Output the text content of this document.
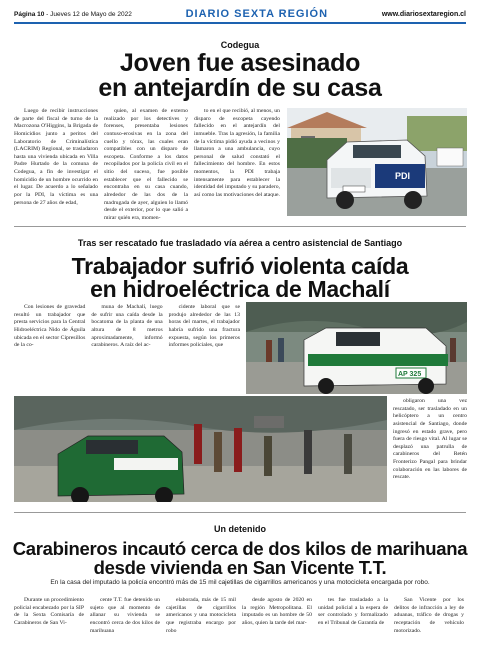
Página 10 - Jueves 12 de Mayo de 2022	DIARIO SEXTA REGIÓN	www.diariosextaregion.cl
Codegua
Joven fue asesinado
en antejardín de su casa

Luego de recibir instrucciones de parte del fiscal de turno de la Macrozona O'Higgins, la Brigada de Homicidios junto a peritos del Laboratorio de Criminalística (LACRIM) Regional, se trasladaron hasta una vivienda ubicada en Villa Padre Hurtado de la comuna de Codegua, a fin de investigar el homicidio de un hombre ocurrido en el lugar. De acuerdo a lo señalado por la PDI, la víctima es una persona de 27 años de edad,

quien, al examen de externo realizado por los detectives y forenses, presentaba lesiones contuso-erosivas en la zona del cuello y tórax, las cuales eran compatibles con un disparo de escopeta. Conforme a los datos recopilados por la policía civil en el sitio del suceso, fue posible establecer que el fallecido se encontraba en su casa cuando, alrededor de las dos de la madrugada de ayer, alguien lo llamó desde el exterior, por lo que salió a mirar quién era, momen-

to en el que recibió, al menos, un disparo de escopeta cayendo fallecido en el antejardín del inmueble. Tras la agresión, la familia de la víctima pidió ayuda a vecinos y llamaron a una ambulancia, cuyo personal de salud constató el fallecimiento del hombre. En estos momentos, la PDI trabaja intensamente para establecer la identidad del imputado y su paradero, así como las motivaciones del ataque.

PDI
Tras ser rescatado fue trasladado vía aérea a centro asistencial de Santiago
Trabajador sufrió violenta caída
en hidroeléctrica de Machalí

Con lesiones de gravedad resultó un trabajador que presta servicios para la Central Hidroeléctrica Nido de Águila ubicada en el sector Cipresillos de la co-

muna de Machalí, luego de sufrir una caída desde la bocatoma de la planta de una altura de 8 metros aproximadamente, informó carabineros. A raíz del ac-

cidente laboral que se produjo alrededor de las 13 horas del martes, el trabajador habría sufrido una fractura expuesta, según los primeros informes policiales, que

AP 325

obligaron una vez rescatado, ser trasladado en un helicóptero a un centro asistencial de Santiago, donde ingresó en estado grave, pero fuera de riesgo vital. Al lugar se desplazó una patrulla de carabineros del Retén Fronterizo Pangal para brindar colaboración en las labores de rescate.

Un detenido
Carabineros incautó cerca de dos kilos de marihuana
desde vivienda en San Vicente T.T.
En la casa del imputado la policía encontró más de 15 mil cajetillas de cigarrillos americanos y una motocicleta encargada por robo.

Durante un procedimiento policial encabezado por la SIP de la Sexta Comisaría de Carabineros de San Vi-

cente T.T. fue detenido un sujeto que al momento de allanar su vivienda se encontró cerca de dos kilos de marihuana

elaborada, más de 15 mil cajetillas de cigarrillos americanos y una motocicleta que registraba encargo por robo

desde agosto de 2020 en la región Metropolitana. El imputado es un hombre de 50 años, quien la tarde del mar-

tes fue trasladado a la unidad policial a la espera de ser controlado y formalizado en el Tribunal de Garantía de

San Vicente por los delitos de infracción a ley de aduanas, tráfico de drogas y receptación de vehículo motorizado.
